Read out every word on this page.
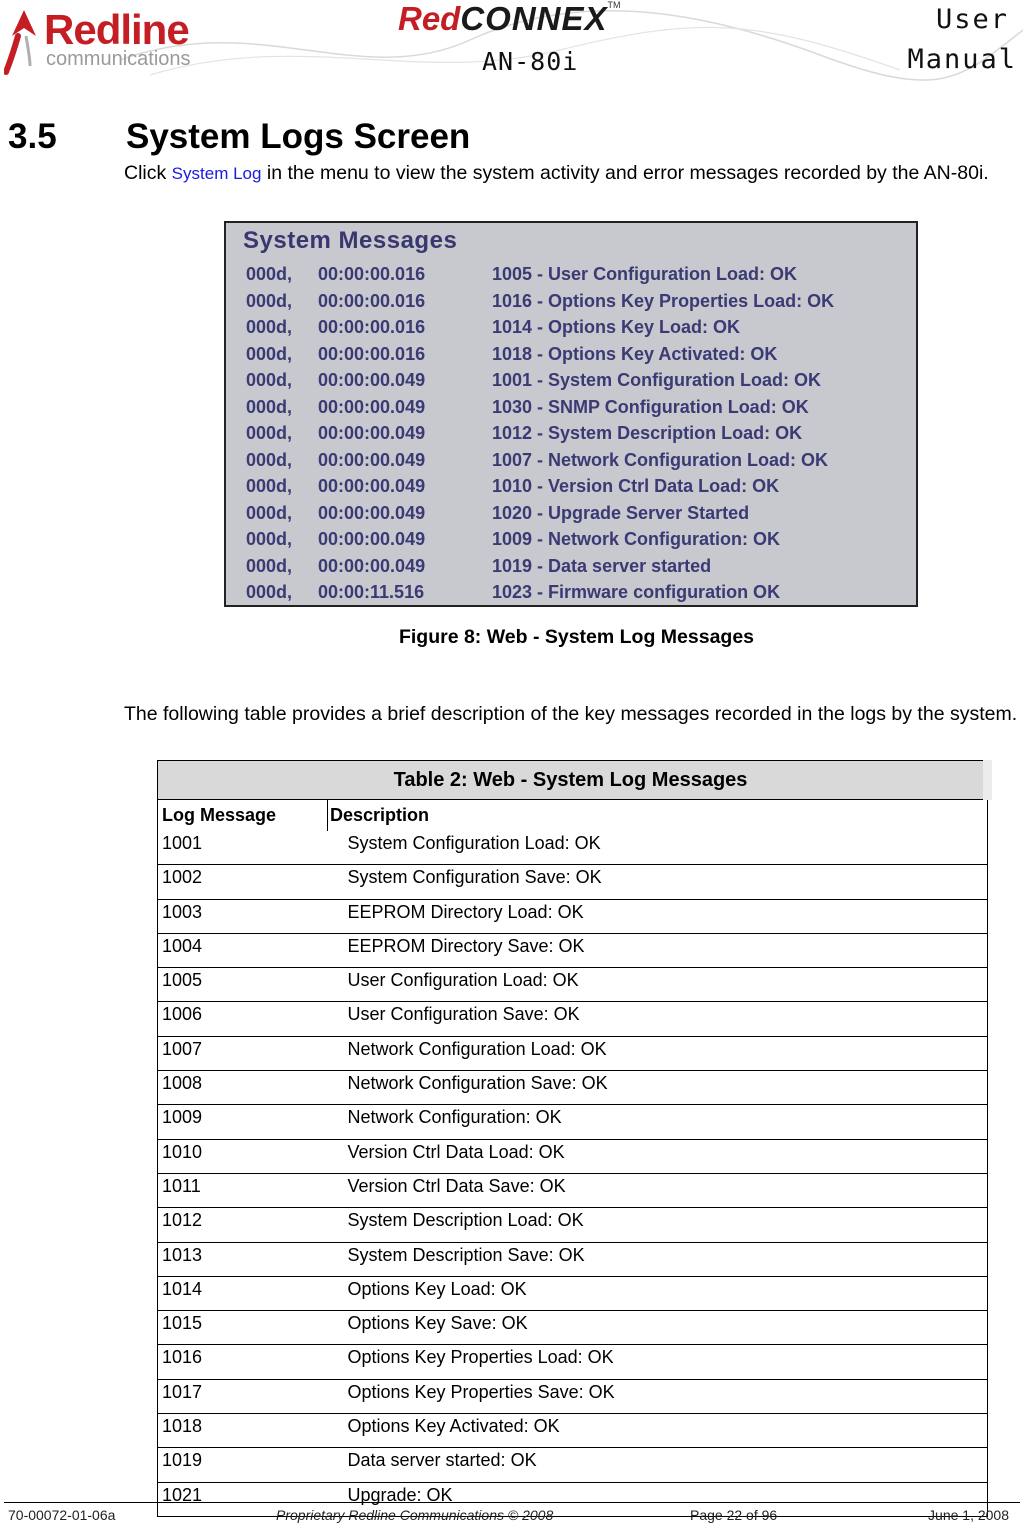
Redline
communications
RedCONNEX™
AN-80i
User
Manual
3.5 System Logs Screen

Click System Log in the menu to view the system activity and error messages recorded by the AN-80i.

System Messages
000d, 00:00:00.016	1005 - User Configuration Load: OK
000d, 00:00:00.016	1016 - Options Key Properties Load: OK
000d, 00:00:00.016	1014 - Options Key Load: OK
000d, 00:00:00.016	1018 - Options Key Activated: OK
000d, 00:00:00.049	1001 - System Configuration Load: OK
000d, 00:00:00.049	1030 - SNMP Configuration Load: OK
000d, 00:00:00.049	1012 - System Description Load: OK
000d, 00:00:00.049	1007 - Network Configuration Load: OK
000d, 00:00:00.049	1010 - Version Ctrl Data Load: OK
000d, 00:00:00.049	1020 - Upgrade Server Started
000d, 00:00:00.049	1009 - Network Configuration: OK
000d, 00:00:00.049	1019 - Data server started
000d, 00:00:11.516	1023 - Firmware configuration OK
Figure 8: Web - System Log Messages

The following table provides a brief description of the key messages recorded in the logs by the system.

Table 2: Web - System Log Messages	
Log Message	Description
1001	System Configuration Load: OK
1002	System Configuration Save: OK
1003	EEPROM Directory Load: OK
1004	EEPROM Directory Save: OK
1005	User Configuration Load: OK
1006	User Configuration Save: OK
1007	Network Configuration Load: OK
1008	Network Configuration Save: OK
1009	Network Configuration: OK
1010	Version Ctrl Data Load: OK
1011	Version Ctrl Data Save: OK
1012	System Description Load: OK
1013	System Description Save: OK
1014	Options Key Load: OK
1015	Options Key Save: OK
1016	Options Key Properties Load: OK
1017	Options Key Properties Save: OK
1018	Options Key Activated: OK
1019	Data server started: OK
1021	Upgrade: OK
70-00072-01-06a	Proprietary Redline Communications © 2008	Page 22 of 96	June 1, 2008
